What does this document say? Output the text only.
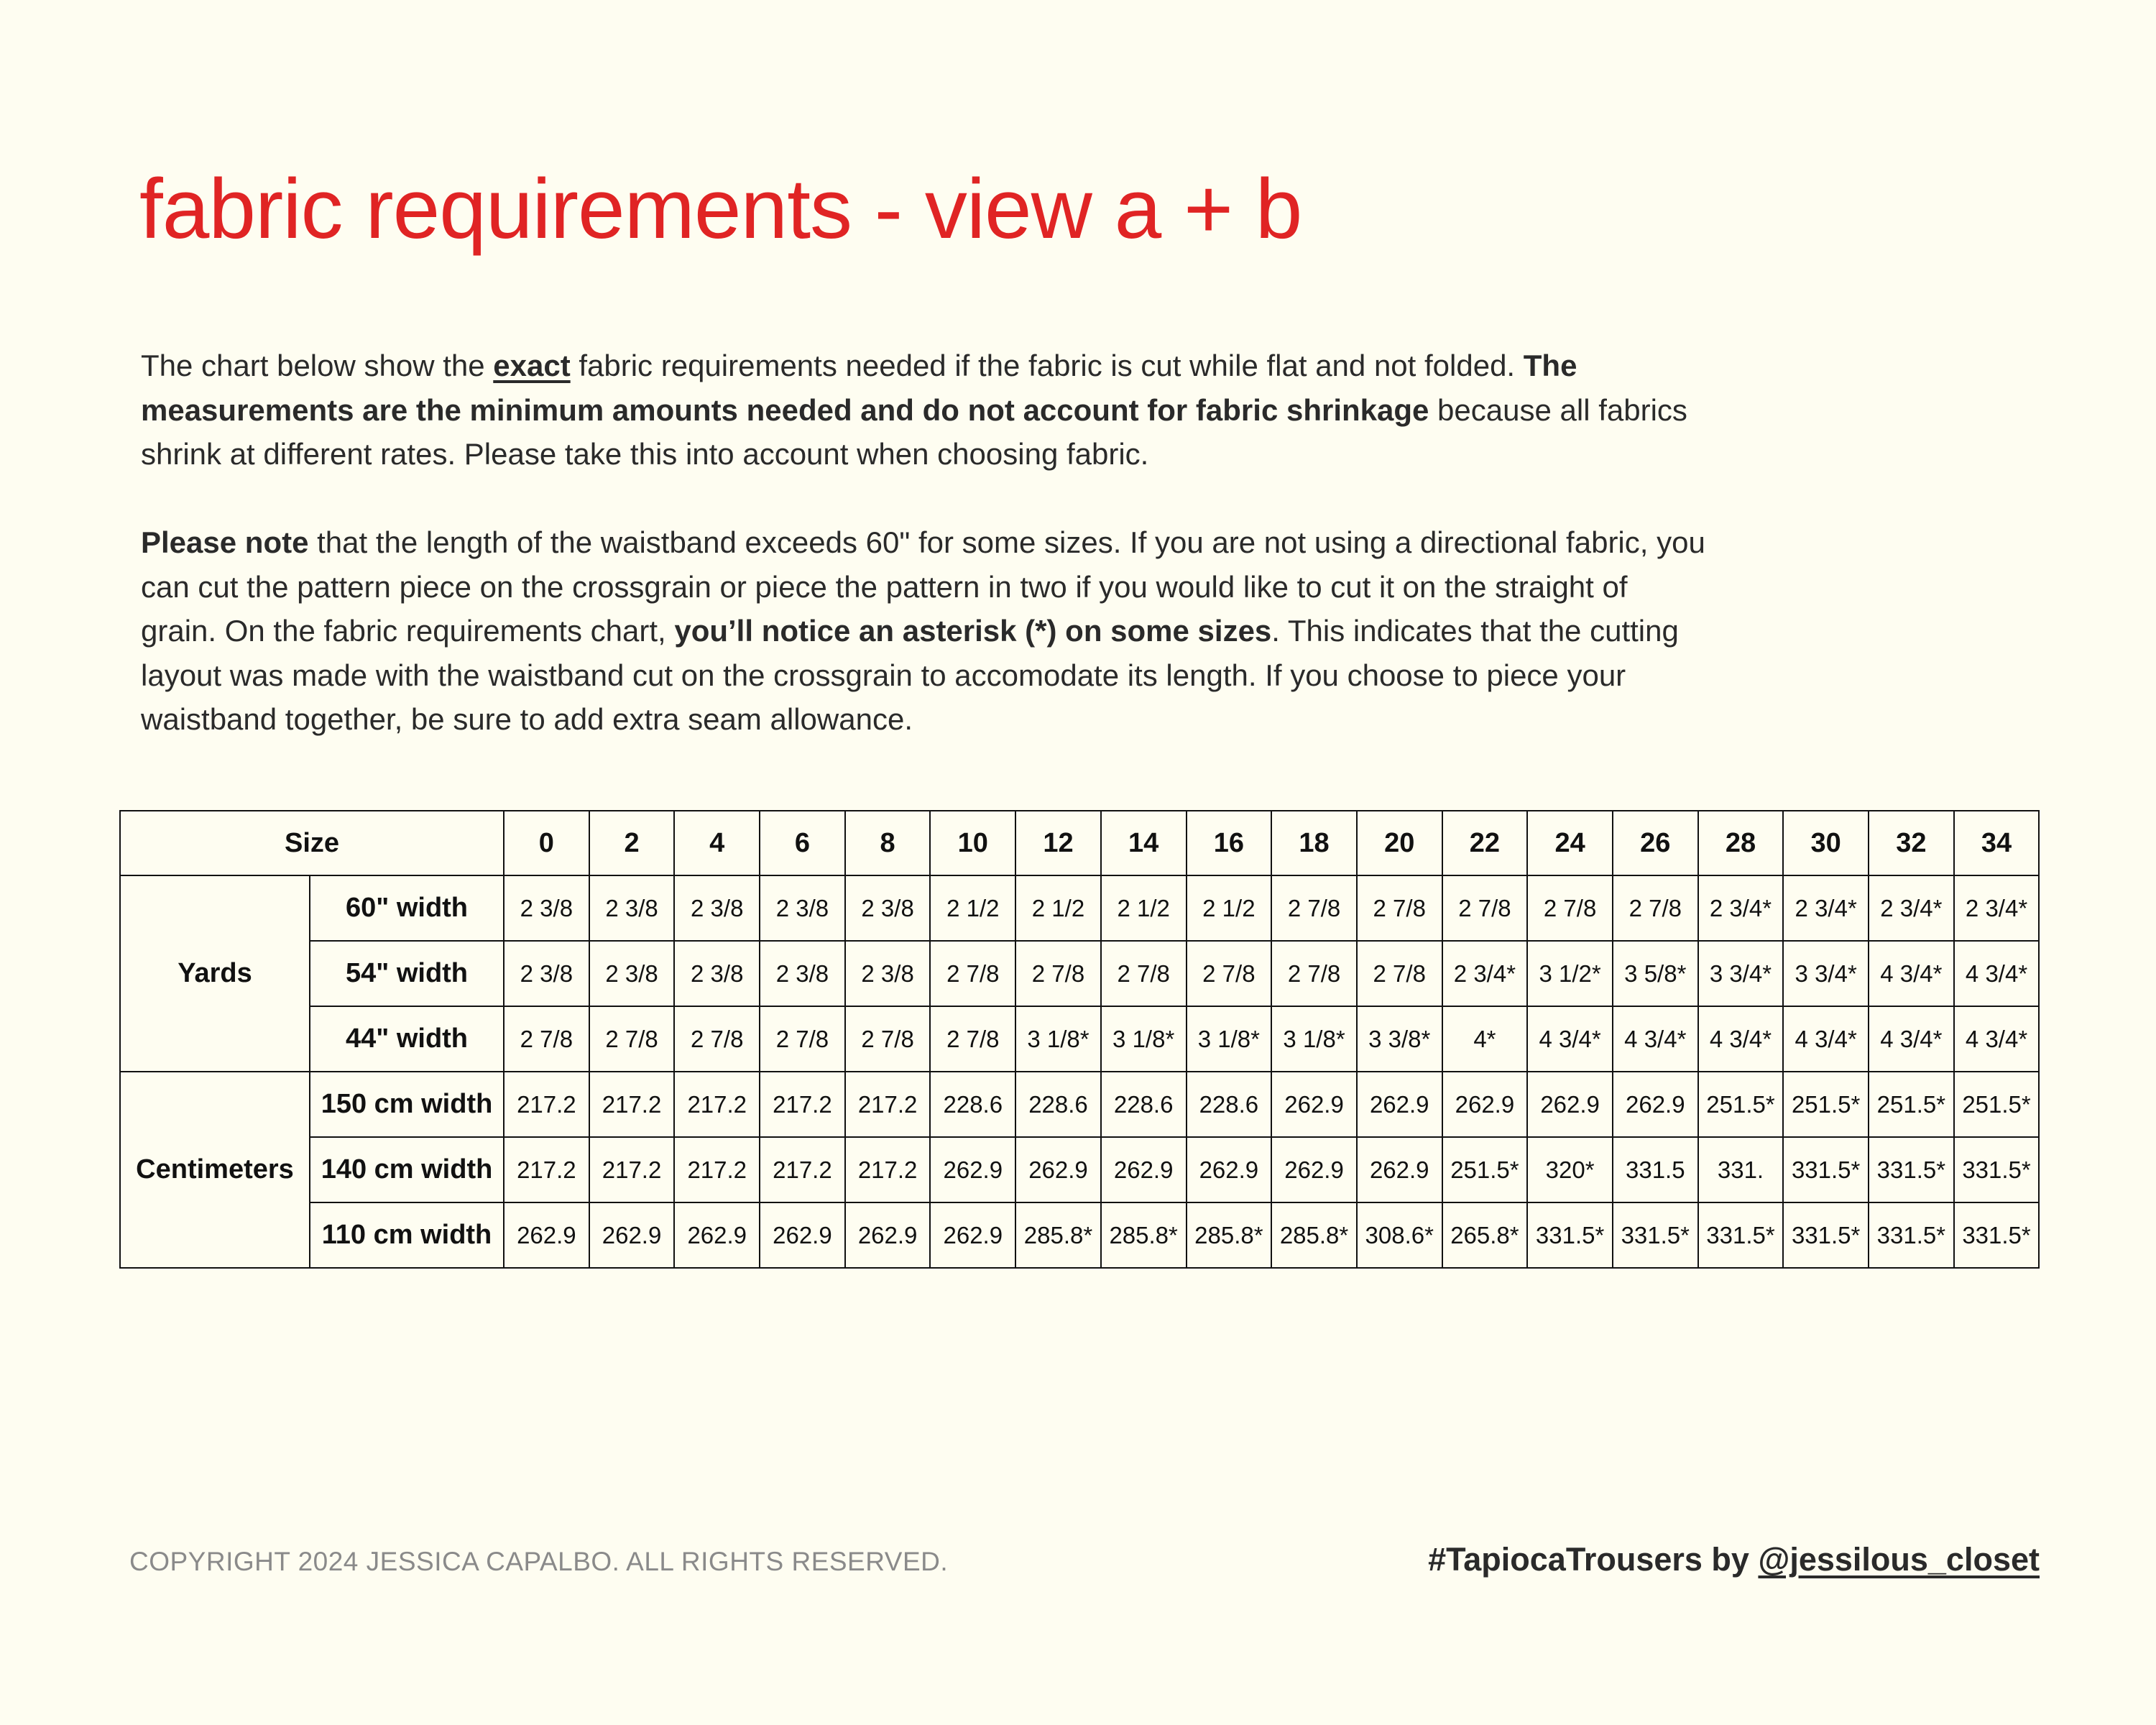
fabric requirements - view a + b

The chart below show the exact fabric requirements needed if the fabric is cut while flat and not folded. The measurements are the minimum amounts needed and do not account for fabric shrinkage because all fabrics shrink at different rates. Please take this into account when choosing fabric.

Please note that the length of the waistband exceeds 60" for some sizes. If you are not using a directional fabric, you can cut the pattern piece on the crossgrain or piece the pattern in two if you would like to cut it on the straight of grain. On the fabric requirements chart, you’ll notice an asterisk (*) on some sizes. This indicates that the cutting layout was made with the waistband cut on the crossgrain to accomodate its length. If you choose to piece your waistband together, be sure to add extra seam allowance.

Size		0	2	4	6	8	10	12	14	16	18	20	22	24	26	28	30	32	34
Yards	60" width	2 3/8	2 3/8	2 3/8	2 3/8	2 3/8	2 1/2	2 1/2	2 1/2	2 1/2	2 7/8	2 7/8	2 7/8	2 7/8	2 7/8	2 3/4*	2 3/4*	2 3/4*	2 3/4*
	54" width	2 3/8	2 3/8	2 3/8	2 3/8	2 3/8	2 7/8	2 7/8	2 7/8	2 7/8	2 7/8	2 7/8	2 3/4*	3 1/2*	3 5/8*	3 3/4*	3 3/4*	4 3/4*	4 3/4*
	44" width	2 7/8	2 7/8	2 7/8	2 7/8	2 7/8	2 7/8	3 1/8*	3 1/8*	3 1/8*	3 1/8*	3 3/8*	4*	4 3/4*	4 3/4*	4 3/4*	4 3/4*	4 3/4*	4 3/4*
Centimeters	150 cm width	217.2	217.2	217.2	217.2	217.2	228.6	228.6	228.6	228.6	262.9	262.9	262.9	262.9	262.9	251.5*	251.5*	251.5*	251.5*
	140 cm width	217.2	217.2	217.2	217.2	217.2	262.9	262.9	262.9	262.9	262.9	262.9	251.5*	320*	331.5	331.	331.5*	331.5*	331.5*
	110 cm width	262.9	262.9	262.9	262.9	262.9	262.9	285.8*	285.8*	285.8*	285.8*	308.6*	265.8*	331.5*	331.5*	331.5*	331.5*	331.5*	331.5*
COPYRIGHT 2024 JESSICA CAPALBO. ALL RIGHTS RESERVED.	#TapiocaTrousers by @jessilous_closet
